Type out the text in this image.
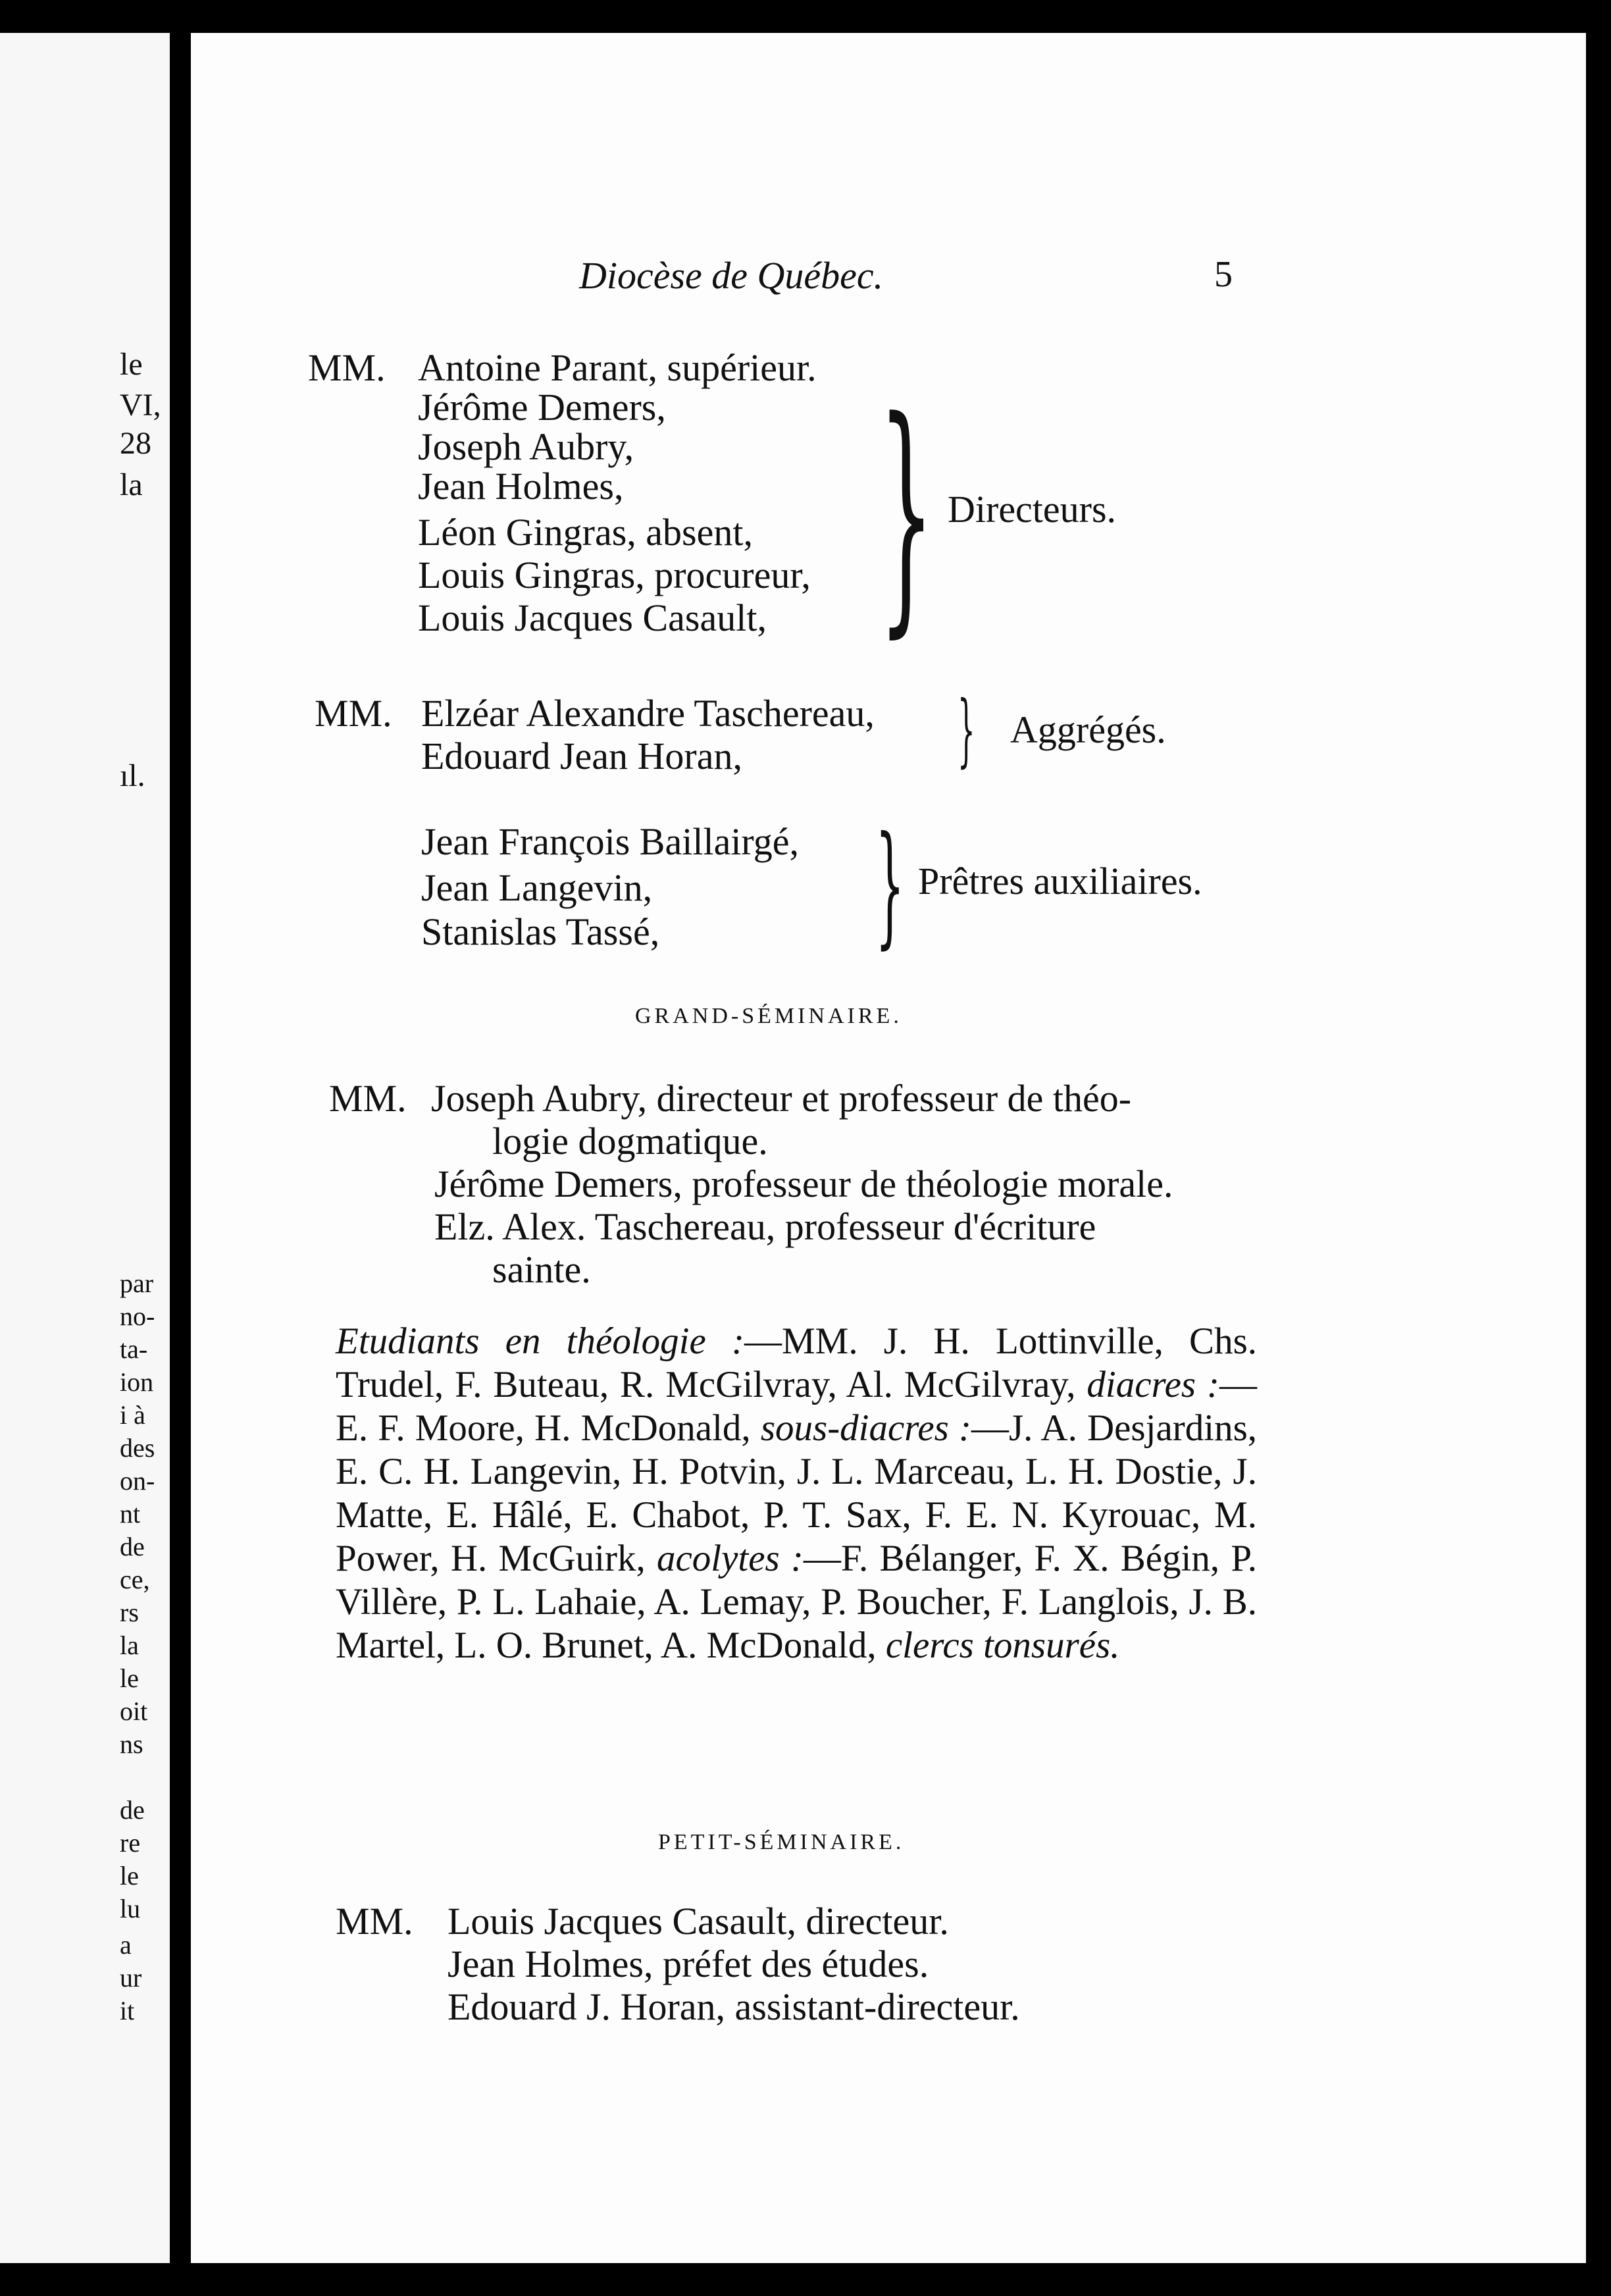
le
VI,
28
la
ıl.
par
no-
ta-
ion
i à
des
on-
nt
de
ce,
rs
la
le
oit
ns
de
re
le
lu
a
ur
it
Diocèse de Québec.	5
MM. Antoine Parant, supérieur.
Jérôme Demers,
Joseph Aubry,
Jean Holmes,
Léon Gingras, absent,
Louis Gingras, procureur,
Louis Jacques Casault, } Directeurs.
MM. Elzéar Alexandre Taschereau,
Edouard Jean Horan,	} Aggrégés.
Jean François Baillairgé,
Jean Langevin,
Stanislas Tassé, } Prêtres auxiliaires.
GRAND-SÉMINAIRE.
MM. Joseph Aubry, directeur et professeur de théo-
logie dogmatique.
Jérôme Demers, professeur de théologie morale.
Elz. Alex. Taschereau, professeur d'écriture
sainte.
Etudiants en théologie :—MM. J. H. Lottinville, Chs. Trudel, F. Buteau, R. McGilvray, Al. McGilvray, diacres :—E. F. Moore, H. McDonald, sous-diacres :—J. A. Desjardins, E. C. H. Langevin, H. Potvin, J. L. Marceau, L. H. Dostie, J. Matte, E. Hâlé, E. Chabot, P. T. Sax, F. E. N. Kyrouac, M. Power, H. McGuirk, acolytes :—F. Bélanger, F. X. Bégin, P. Villère, P. L. Lahaie, A. Lemay, P. Boucher, F. Langlois, J. B. Martel, L. O. Brunet, A. McDonald, clercs tonsurés.
PETIT-SÉMINAIRE.
MM. Louis Jacques Casault, directeur.
Jean Holmes, préfet des études.
Edouard J. Horan, assistant-directeur.
